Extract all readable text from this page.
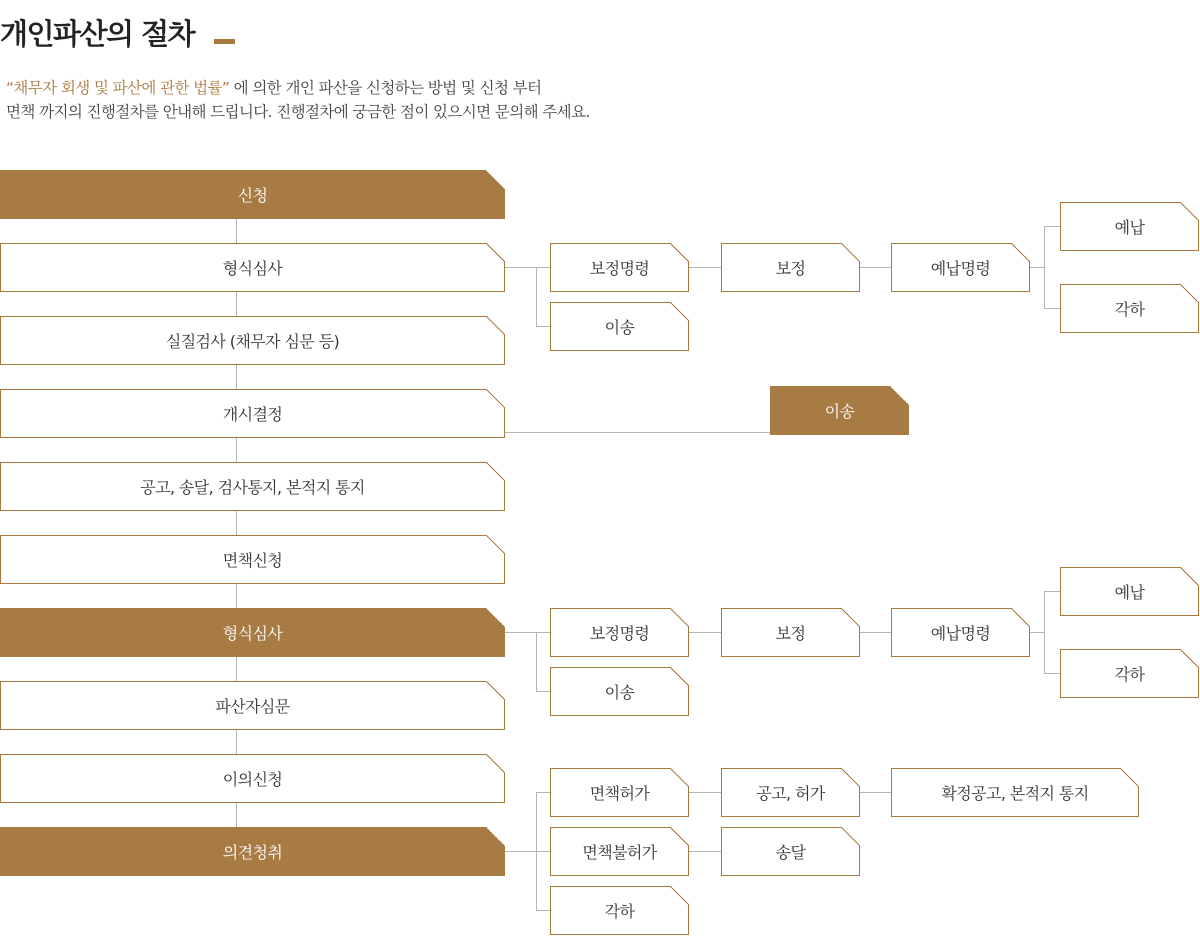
개인파산의 절차

“채무자 회생 및 파산에 관한 법률” 에 의한 개인 파산을 신청하는 방법 및 신청 부터

면책 까지의 진행절차를 안내해 드립니다. 진행절차에 궁금한 점이 있으시면 문의해 주세요.

신청
형식심사
실질검사 (채무자 심문 등)
개시결정
공고, 송달, 검사통지, 본적지 통지
면책신청
형식심사
파산자심문
이의신청
의견청취
보정명령
이송
보정	예납명령
예납
각하
이송
보정명령
이송
보정	예납명령
예납
각하
면책허가	공고, 허가	확정공고, 본적지 통지
면책불허가	송달
각하
